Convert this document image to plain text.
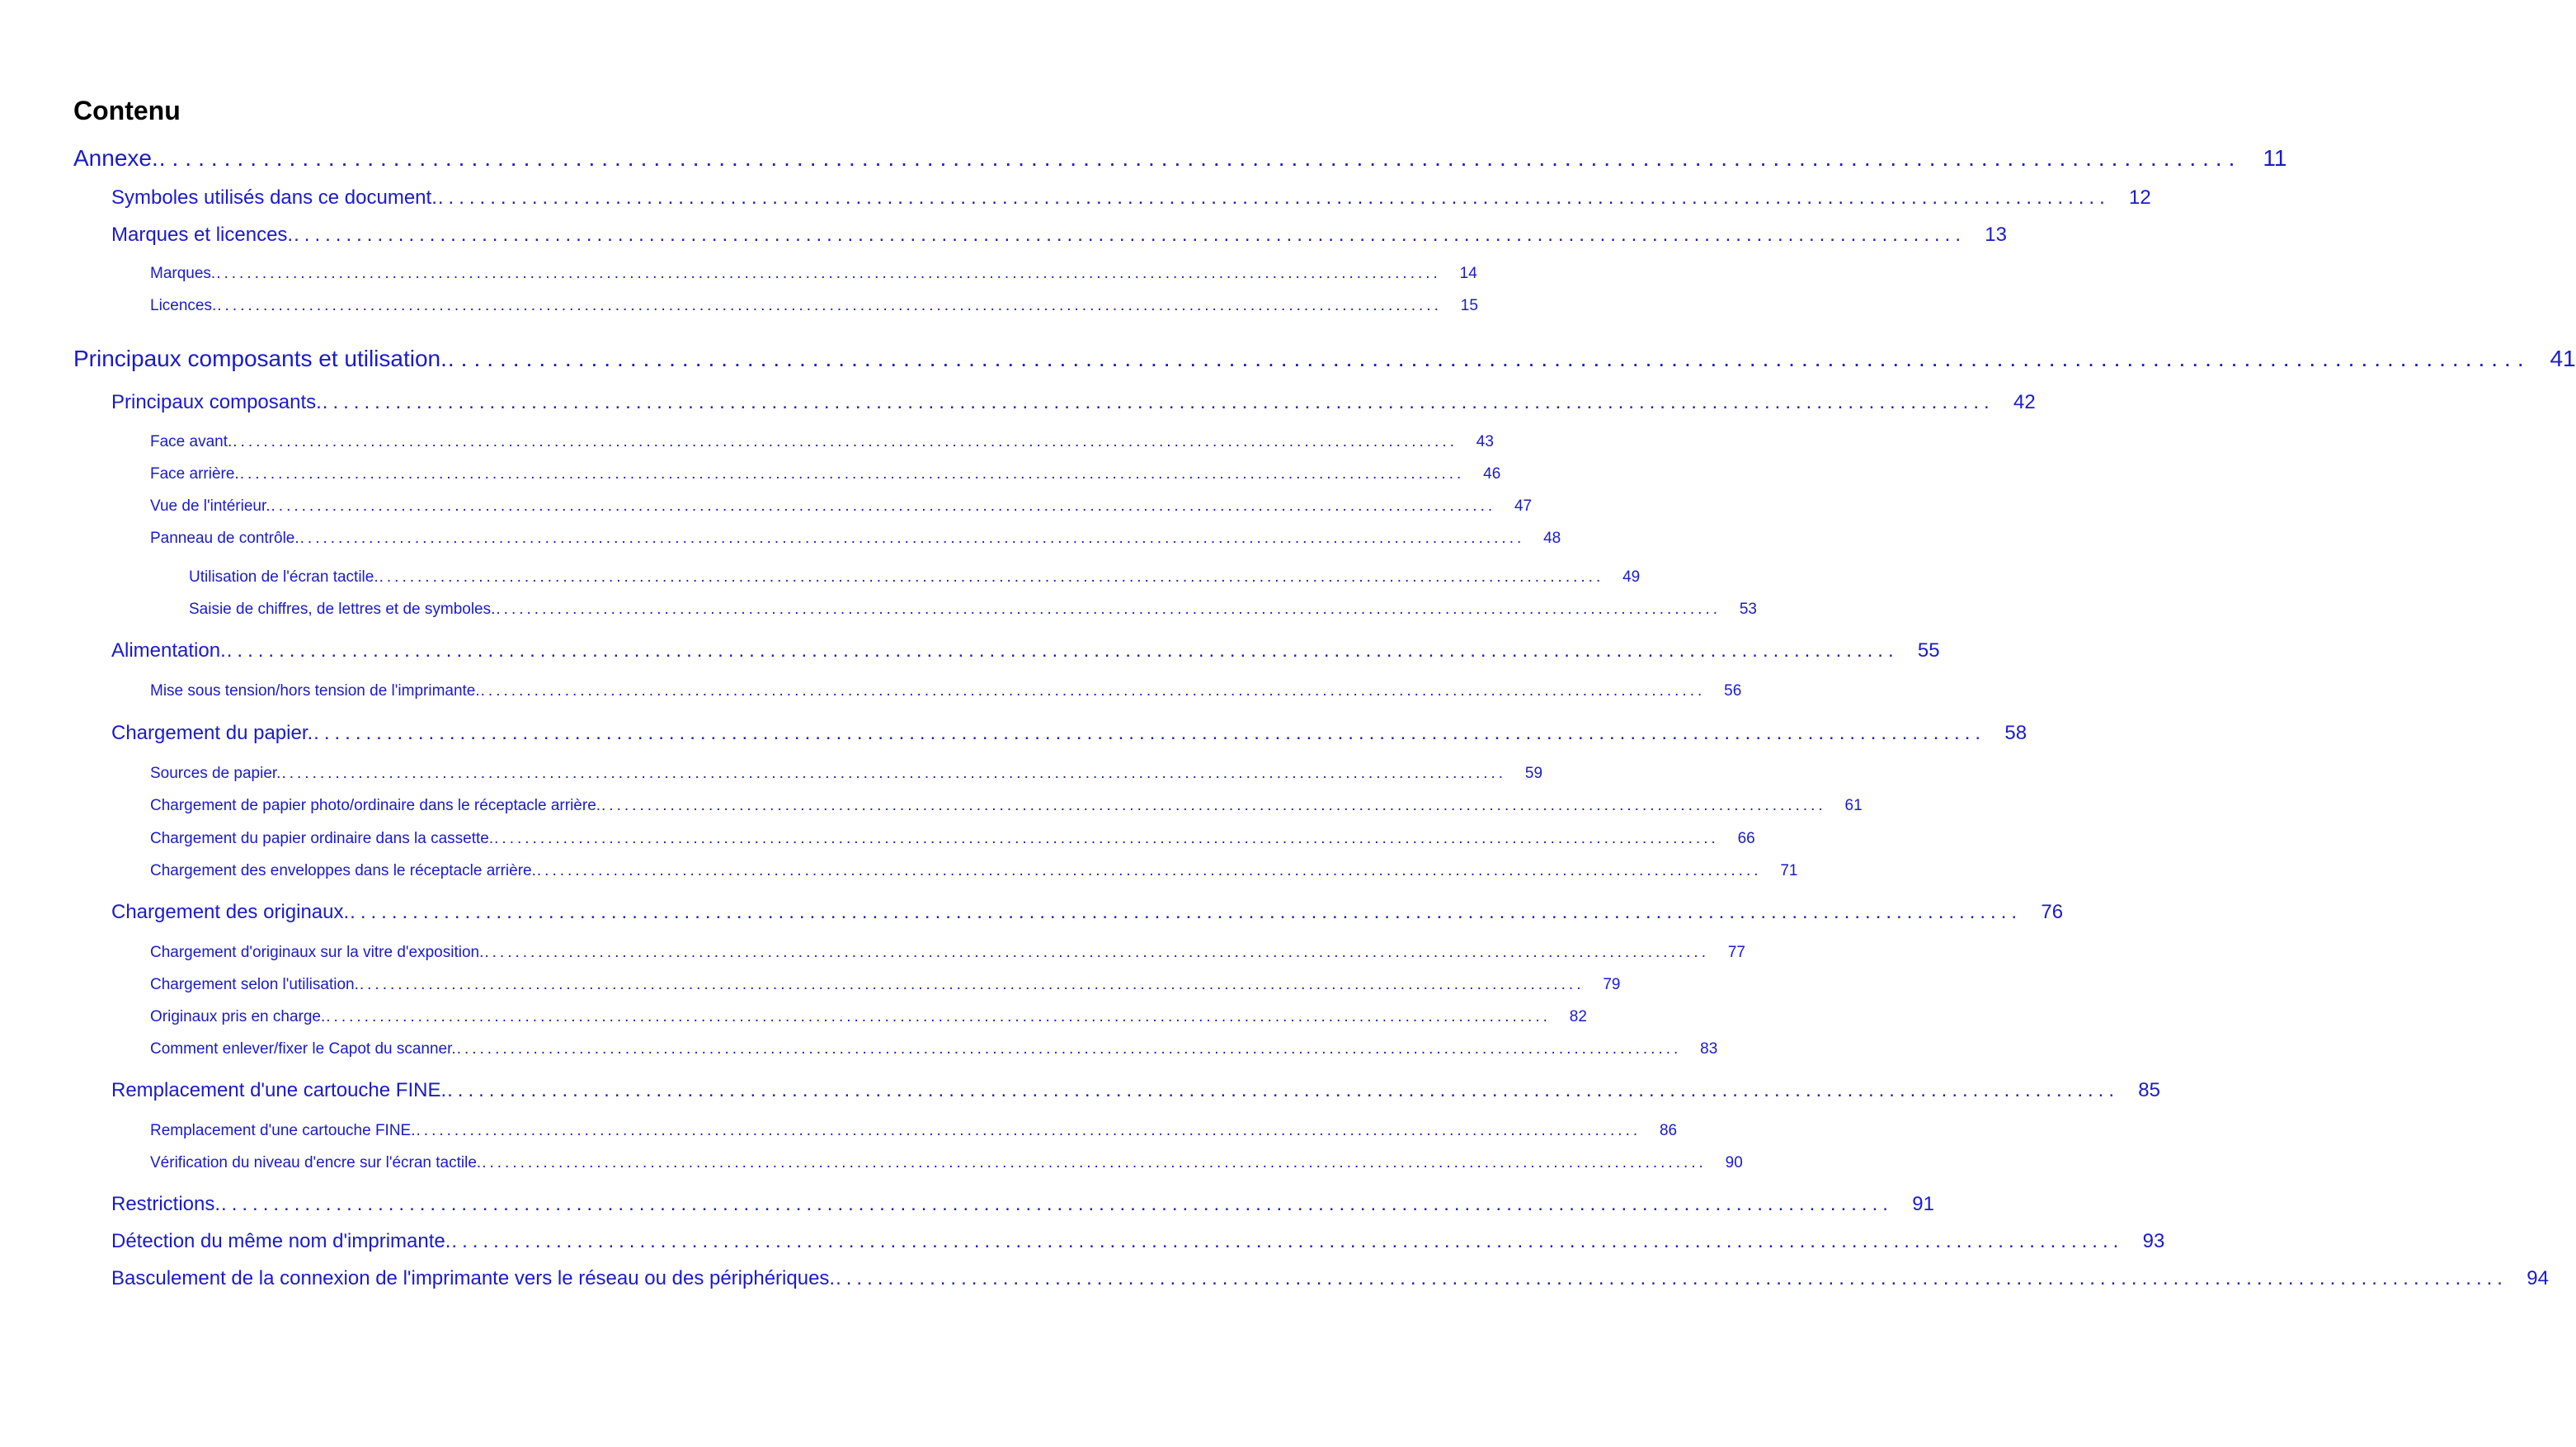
Contenu
Annexe. ................................................................................................................................................................ 11
Symboles utilisés dans ce document. ................................................................................................................................................................ 12
Marques et licences. ................................................................................................................................................................ 13
Marques. ................................................................................................................................................................	14
Licences. ................................................................................................................................................................	15
Principaux composants et utilisation. ................................................................................................................................................................ 41
Principaux composants. ................................................................................................................................................................ 42
Face avant. ................................................................................................................................................................	43
Face arrière. ................................................................................................................................................................	46
Vue de l'intérieur. ................................................................................................................................................................	47
Panneau de contrôle. ................................................................................................................................................................	48
Utilisation de l'écran tactile. ................................................................................................................................................................	49
Saisie de chiffres, de lettres et de symboles. ................................................................................................................................................................	53
Alimentation. ................................................................................................................................................................ 55
Mise sous tension/hors tension de l'imprimante. ................................................................................................................................................................	56
Chargement du papier. ................................................................................................................................................................ 58
Sources de papier. ................................................................................................................................................................	59
Chargement de papier photo/ordinaire dans le réceptacle arrière. ................................................................................................................................................................	61
Chargement du papier ordinaire dans la cassette. ................................................................................................................................................................	66
Chargement des enveloppes dans le réceptacle arrière. ................................................................................................................................................................	71
Chargement des originaux. ................................................................................................................................................................ 76
Chargement d'originaux sur la vitre d'exposition. ................................................................................................................................................................	77
Chargement selon l'utilisation. ................................................................................................................................................................	79
Originaux pris en charge. ................................................................................................................................................................	82
Comment enlever/fixer le Capot du scanner. ................................................................................................................................................................	83
Remplacement d'une cartouche FINE. ................................................................................................................................................................ 85
Remplacement d'une cartouche FINE. ................................................................................................................................................................	86
Vérification du niveau d'encre sur l'écran tactile. ................................................................................................................................................................	90
Restrictions. ................................................................................................................................................................ 91
Détection du même nom d'imprimante. ................................................................................................................................................................ 93
Basculement de la connexion de l'imprimante vers le réseau ou des périphériques. ................................................................................................................................................................ 94
